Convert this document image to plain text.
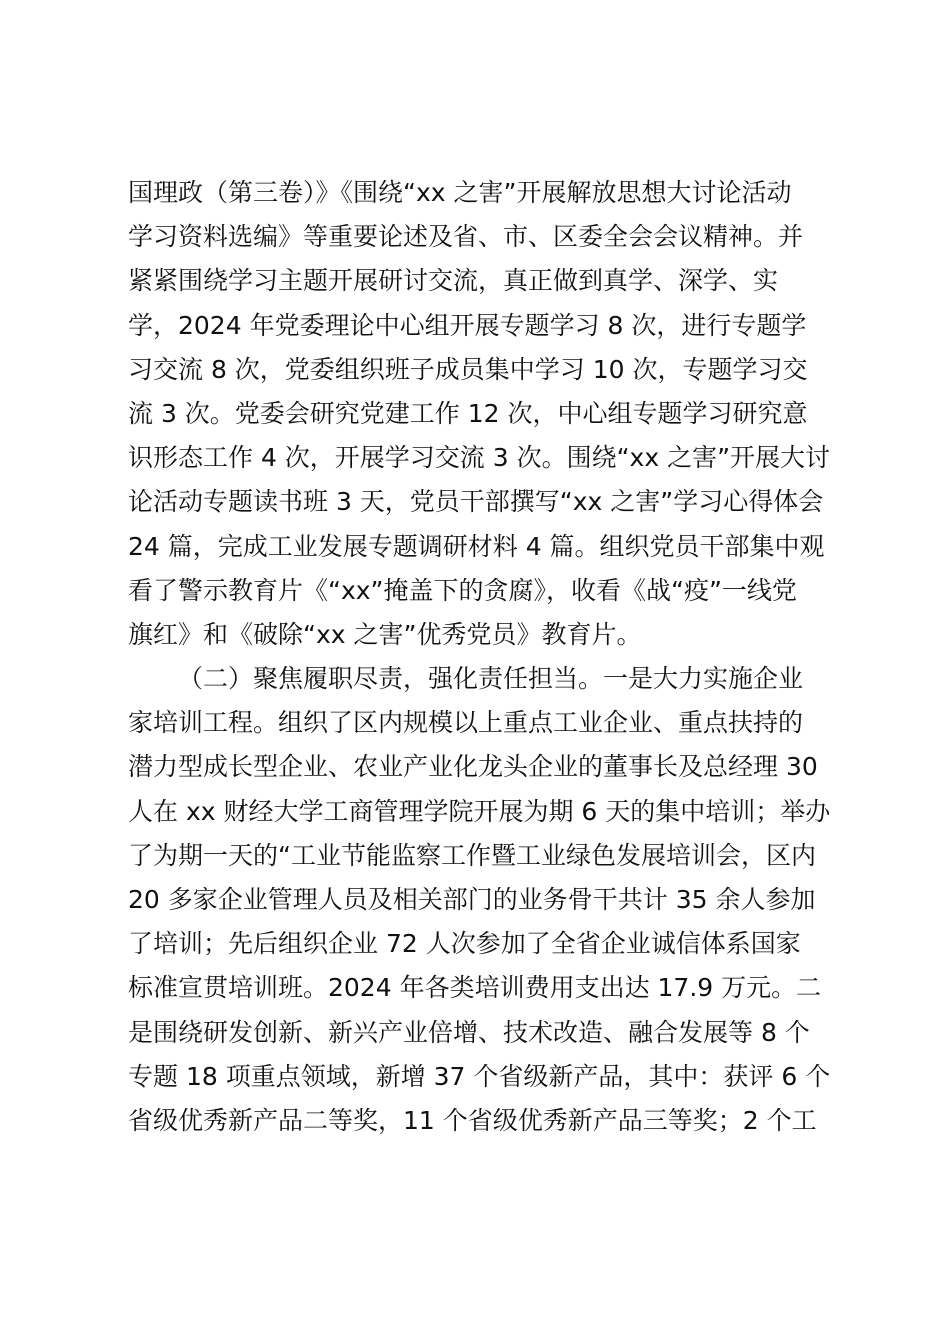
国理政（第三卷）》《围绕“xx 之害”开展解放思想大讨论活动
学习资料选编》等重要论述及省、市、区委全会会议精神。并
紧紧围绕学习主题开展研讨交流，真正做到真学、深学、实
学，2024 年党委理论中心组开展专题学习 8 次，进行专题学
习交流 8 次，党委组织班子成员集中学习 10 次，专题学习交
流 3 次。党委会研究党建工作 12 次，中心组专题学习研究意
识形态工作 4 次，开展学习交流 3 次。围绕“xx 之害”开展大讨
论活动专题读书班 3 天，党员干部撰写“xx 之害”学习心得体会
24 篇，完成工业发展专题调研材料 4 篇。组织党员干部集中观
看了警示教育片《“xx”掩盖下的贪腐》，收看《战“疫”一线党
旗红》和《破除“xx 之害”优秀党员》教育片。
（二）聚焦履职尽责，强化责任担当。一是大力实施企业
家培训工程。组织了区内规模以上重点工业企业、重点扶持的
潜力型成长型企业、农业产业化龙头企业的董事长及总经理 30
人在 xx 财经大学工商管理学院开展为期 6 天的集中培训；举办
了为期一天的“工业节能监察工作暨工业绿色发展培训会，区内
20 多家企业管理人员及相关部门的业务骨干共计 35 余人参加
了培训；先后组织企业 72 人次参加了全省企业诚信体系国家
标准宣贯培训班。2024 年各类培训费用支出达 17.9 万元。二
是围绕研发创新、新兴产业倍增、技术改造、融合发展等 8 个
专题 18 项重点领域，新增 37 个省级新产品，其中：获评 6 个
省级优秀新产品二等奖，11 个省级优秀新产品三等奖；2 个工
